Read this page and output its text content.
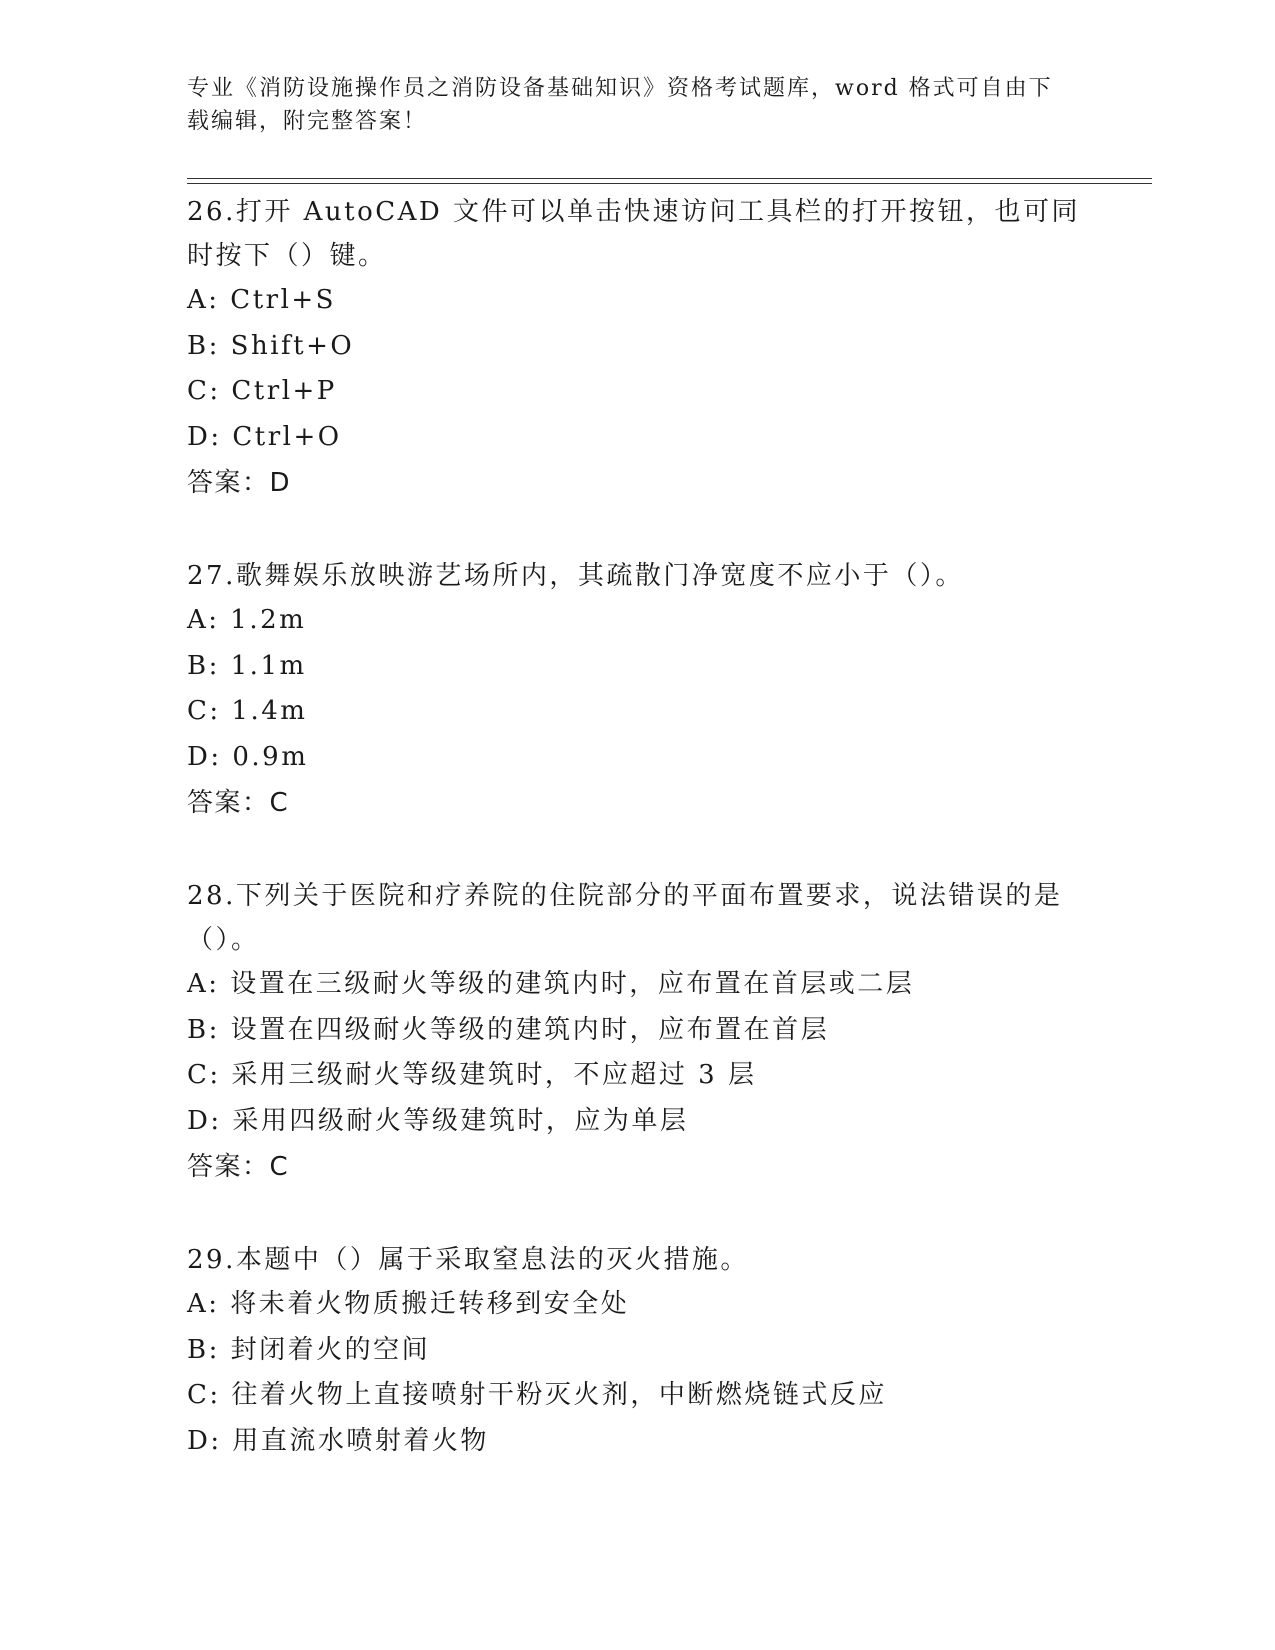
专业《消防设施操作员之消防设备基础知识》资格考试题库，word 格式可自由下载编辑，附完整答案！

26.打开 AutoCAD 文件可以单击快速访问工具栏的打开按钮，也可同时按下（）键。

A: Ctrl+S

B: Shift+O

C: Ctrl+P

D: Ctrl+O

答案：D

27.歌舞娱乐放映游艺场所内，其疏散门净宽度不应小于（）。

A: 1.2m

B: 1.1m

C: 1.4m

D: 0.9m

答案：C

28.下列关于医院和疗养院的住院部分的平面布置要求，说法错误的是（）。

A: 设置在三级耐火等级的建筑内时，应布置在首层或二层

B: 设置在四级耐火等级的建筑内时，应布置在首层

C: 采用三级耐火等级建筑时，不应超过 3 层

D: 采用四级耐火等级建筑时，应为单层

答案：C

29.本题中（）属于采取窒息法的灭火措施。

A: 将未着火物质搬迁转移到安全处

B: 封闭着火的空间

C: 往着火物上直接喷射干粉灭火剂，中断燃烧链式反应

D: 用直流水喷射着火物
